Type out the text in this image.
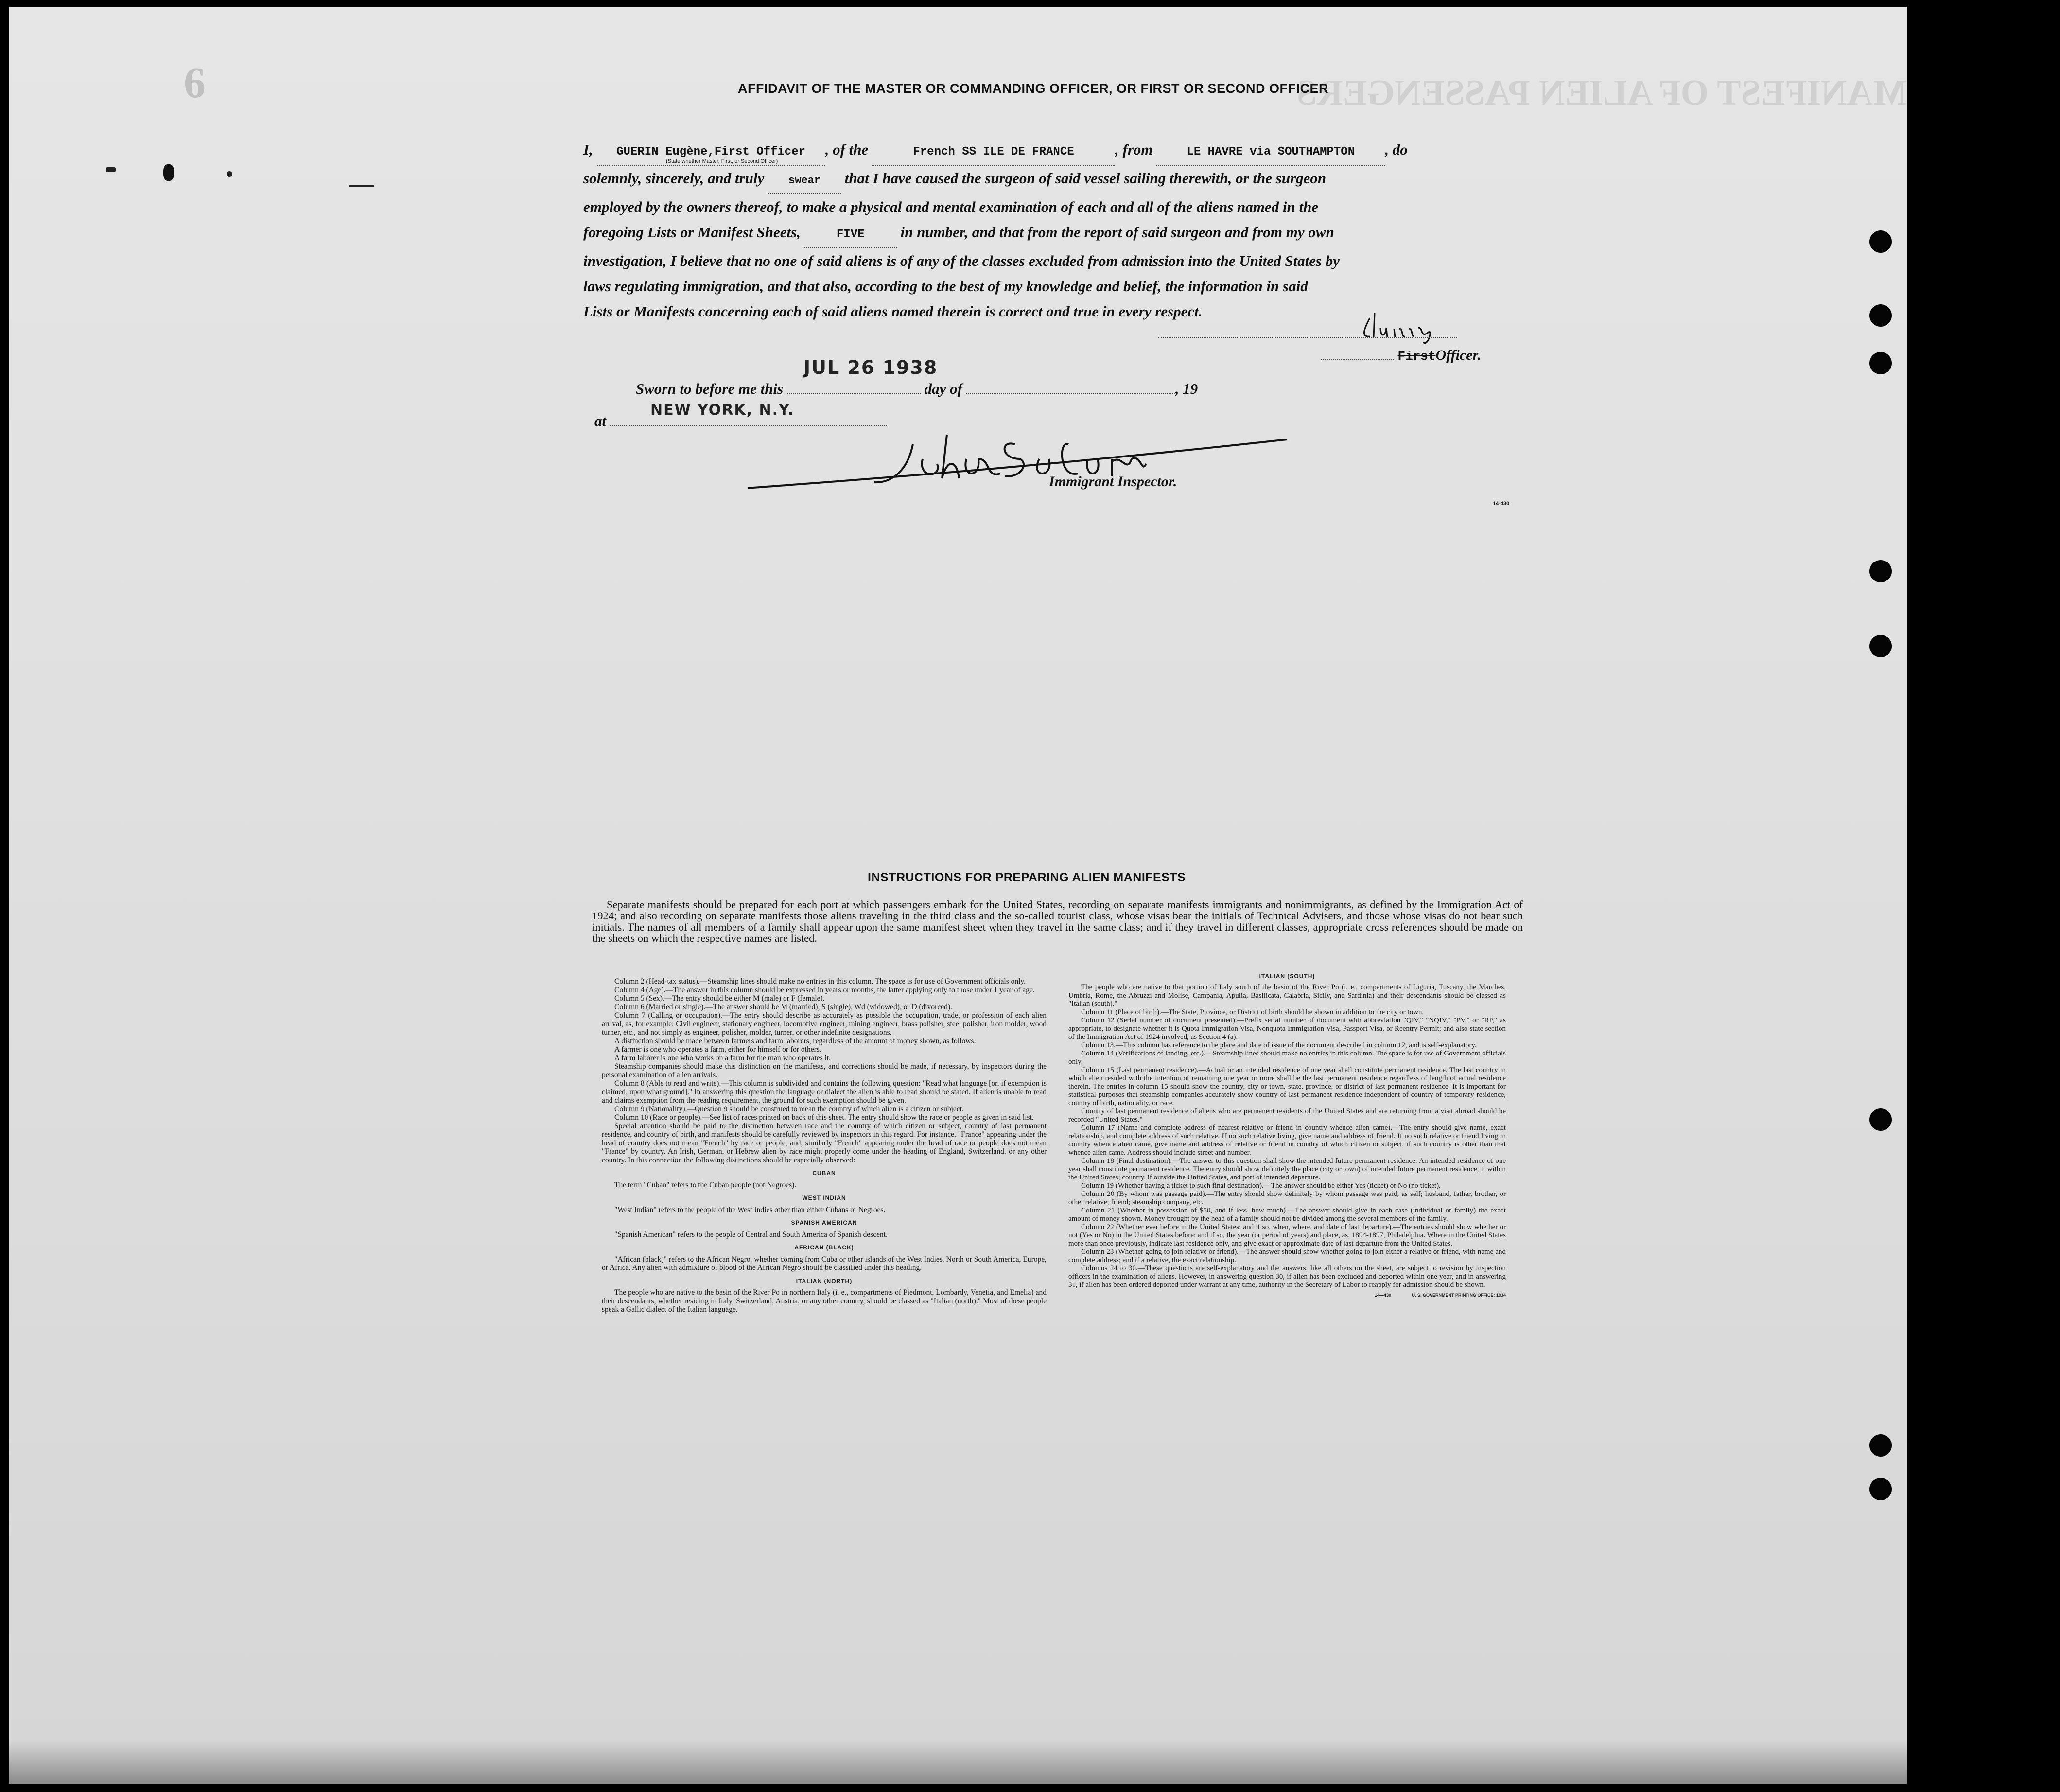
6	LIST OR MANIFEST OF ALIEN PASSENGERS
AFFIDAVIT OF THE MASTER OR COMMANDING OFFICER, OR FIRST OR SECOND OFFICER
I, GUERIN Eugène,First Officer , of the	French SS ILE DE FRANCE	, from	LE HAVRE via SOUTHAMPTON , do
(State whether Master, First, or Second Officer)
solemnly, sincerely, and truly swear that I have caused the surgeon of said vessel sailing therewith, or the surgeon
employed by the owners thereof, to make a physical and mental examination of each and all of the aliens named in the
foregoing Lists or Manifest Sheets,	FIVE in number, and that from the report of said surgeon and from my own
investigation, I believe that no one of said aliens is of any of the classes excluded from admission into the United States by
laws regulating immigration, and that also, according to the best of my knowledge and belief, the information in said
Lists or Manifests concerning each of said aliens named therein is correct and true in every respect.
FirstOfficer.
JUL 26 1938
Sworn to before me this	day of	, 19
NEW YORK, N.Y.
at
Immigrant Inspector.
14-430
INSTRUCTIONS FOR PREPARING ALIEN MANIFESTS
Separate manifests should be prepared for each port at which passengers embark for the United States, recording on separate manifests immigrants and nonimmigrants, as defined by the Immigration Act of 1924; and also recording on separate manifests those aliens traveling in the third class and the so-called tourist class, whose visas bear the initials of Technical Advisers, and those whose visas do not bear such initials. The names of all members of a family shall appear upon the same manifest sheet when they travel in the same class; and if they travel in different classes, appropriate cross references should be made on the sheets on which the respective names are listed.

Column 2 (Head-tax status).—Steamship lines should make no entries in this column. The space is for use of Government officials only.

Column 4 (Age).—The answer in this column should be expressed in years or months, the latter applying only to those under 1 year of age.

Column 5 (Sex).—The entry should be either M (male) or F (female).

Column 6 (Married or single).—The answer should be M (married), S (single), Wd (widowed), or D (divorced).

Column 7 (Calling or occupation).—The entry should describe as accurately as possible the occupation, trade, or profession of each alien arrival, as, for example: Civil engineer, stationary engineer, locomotive engineer, mining engineer, brass polisher, steel polisher, iron molder, wood turner, etc., and not simply as engineer, polisher, molder, turner, or other indefinite designations.

A distinction should be made between farmers and farm laborers, regardless of the amount of money shown, as follows:

A farmer is one who operates a farm, either for himself or for others.

A farm laborer is one who works on a farm for the man who operates it.

Steamship companies should make this distinction on the manifests, and corrections should be made, if necessary, by inspectors during the personal examination of alien arrivals.

Column 8 (Able to read and write).—This column is subdivided and contains the following question: "Read what language [or, if exemption is claimed, upon what ground]." In answering this question the language or dialect the alien is able to read should be stated. If alien is unable to read and claims exemption from the reading requirement, the ground for such exemption should be given.

Column 9 (Nationality).—Question 9 should be construed to mean the country of which alien is a citizen or subject.

Column 10 (Race or people).—See list of races printed on back of this sheet. The entry should show the race or people as given in said list.

Special attention should be paid to the distinction between race and the country of which citizen or subject, country of last permanent residence, and country of birth, and manifests should be carefully reviewed by inspectors in this regard. For instance, "France" appearing under the head of country does not mean "French" by race or people, and, similarly "French" appearing under the head of race or people does not mean "France" by country. An Irish, German, or Hebrew alien by race might properly come under the heading of England, Switzerland, or any other country. In this connection the following distinctions should be especially observed:

CUBAN

The term "Cuban" refers to the Cuban people (not Negroes).

WEST INDIAN

"West Indian" refers to the people of the West Indies other than either Cubans or Negroes.

SPANISH AMERICAN

"Spanish American" refers to the people of Central and South America of Spanish descent.

AFRICAN (BLACK)

"African (black)" refers to the African Negro, whether coming from Cuba or other islands of the West Indies, North or South America, Europe, or Africa. Any alien with admixture of blood of the African Negro should be classified under this heading.

ITALIAN (NORTH)

The people who are native to the basin of the River Po in northern Italy (i. e., compartments of Piedmont, Lombardy, Venetia, and Emelia) and their descendants, whether residing in Italy, Switzerland, Austria, or any other country, should be classed as "Italian (north)." Most of these people speak a Gallic dialect of the Italian language.

ITALIAN (SOUTH)

The people who are native to that portion of Italy south of the basin of the River Po (i. e., compartments of Liguria, Tuscany, the Marches, Umbria, Rome, the Abruzzi and Molise, Campania, Apulia, Basilicata, Calabria, Sicily, and Sardinia) and their descendants should be classed as "Italian (south)."

Column 11 (Place of birth).—The State, Province, or District of birth should be shown in addition to the city or town.

Column 12 (Serial number of document presented).—Prefix serial number of document with abbreviation "QIV," "NQIV," "PV," or "RP," as appropriate, to designate whether it is Quota Immigration Visa, Nonquota Immigration Visa, Passport Visa, or Reentry Permit; and also state section of the Immigration Act of 1924 involved, as Section 4 (a).

Column 13.—This column has reference to the place and date of issue of the document described in column 12, and is self-explanatory.

Column 14 (Verifications of landing, etc.).—Steamship lines should make no entries in this column. The space is for use of Government officials only.

Column 15 (Last permanent residence).—Actual or an intended residence of one year shall constitute permanent residence. The last country in which alien resided with the intention of remaining one year or more shall be the last permanent residence regardless of length of actual residence therein. The entries in column 15 should show the country, city or town, state, province, or district of last permanent residence. It is important for statistical purposes that steamship companies accurately show country of last permanent residence independent of country of temporary residence, country of birth, nationality, or race.

Country of last permanent residence of aliens who are permanent residents of the United States and are returning from a visit abroad should be recorded "United States."

Column 17 (Name and complete address of nearest relative or friend in country whence alien came).—The entry should give name, exact relationship, and complete address of such relative. If no such relative living, give name and address of friend. If no such relative or friend living in country whence alien came, give name and address of relative or friend in country of which citizen or subject, if such country is other than that whence alien came. Address should include street and number.

Column 18 (Final destination).—The answer to this question shall show the intended future permanent residence. An intended residence of one year shall constitute permanent residence. The entry should show definitely the place (city or town) of intended future permanent residence, if within the United States; country, if outside the United States, and port of intended departure.

Column 19 (Whether having a ticket to such final destination).—The answer should be either Yes (ticket) or No (no ticket).

Column 20 (By whom was passage paid).—The entry should show definitely by whom passage was paid, as self; husband, father, brother, or other relative; friend; steamship company, etc.

Column 21 (Whether in possession of $50, and if less, how much).—The answer should give in each case (individual or family) the exact amount of money shown. Money brought by the head of a family should not be divided among the several members of the family.

Column 22 (Whether ever before in the United States; and if so, when, where, and date of last departure).—The entries should show whether or not (Yes or No) in the United States before; and if so, the year (or period of years) and place, as, 1894-1897, Philadelphia. Where in the United States more than once previously, indicate last residence only, and give exact or approximate date of last departure from the United States.

Column 23 (Whether going to join relative or friend).—The answer should show whether going to join either a relative or friend, with name and complete address; and if a relative, the exact relationship.

Columns 24 to 30.—These questions are self-explanatory and the answers, like all others on the sheet, are subject to revision by inspection officers in the examination of aliens. However, in answering question 30, if alien has been excluded and deported within one year, and in answering 31, if alien has been ordered deported under warrant at any time, authority in the Secretary of Labor to reapply for admission should be shown.

14—430	U. S. GOVERNMENT PRINTING OFFICE: 1934
